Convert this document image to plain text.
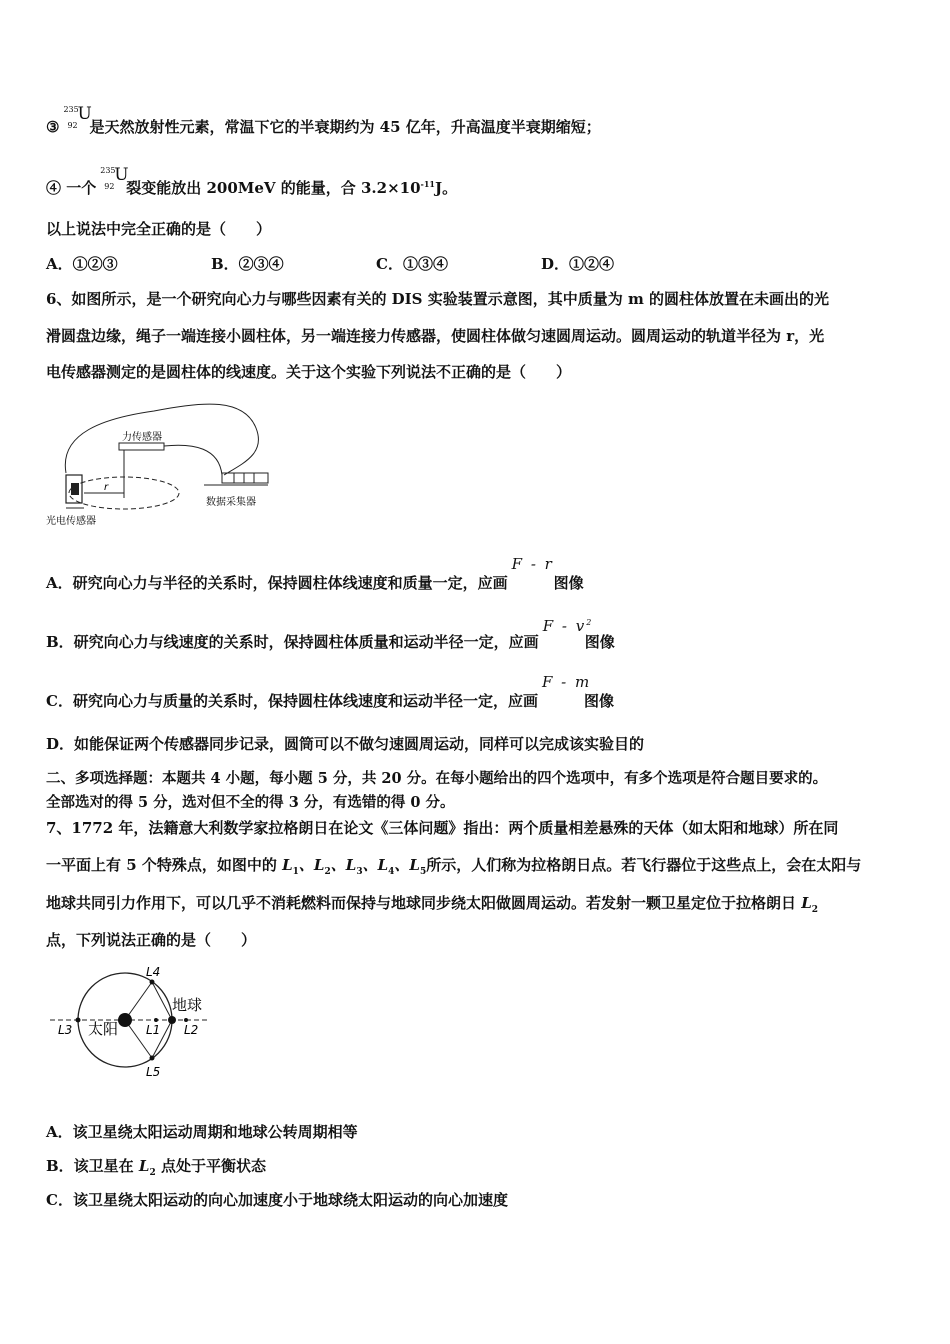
③
235
92
U
是天然放射性元素，常温下它的半衰期约为 45 亿年，升高温度半衰期缩短；
④ 一个
235
92
U
裂变能放出 200MeV 的能量，合 $3.2\times 10^{-11}J$。
以上说法中完全正确的是（　　）
A．①②③	B．②③④	C．①③④	D．①②④
6、如图所示，是一个研究向心力与哪些因素有关的 DIS 实验装置示意图，其中质量为 m 的圆柱体放置在未画出的光
滑圆盘边缘，绳子一端连接小圆柱体，另一端连接力传感器，使圆柱体做匀速圆周运动。圆周运动的轨道半径为 r，光
电传感器测定的是圆柱体的线速度。关于这个实验下列说法不正确的是（　　）
力传感器
数据采集器
r
光电传感器
A．研究向心力与半径的关系时，保持圆柱体线速度和质量一定，应画
F - r
图像
B．研究向心力与线速度的关系时，保持圆柱体质量和运动半径一定，应画
F - $v^2$
图像
C．研究向心力与质量的关系时，保持圆柱体线速度和运动半径一定，应画
F - m
图像
D．如能保证两个传感器同步记录，圆筒可以不做匀速圆周运动，同样可以完成该实验目的
二、多项选择题：本题共 4 小题，每小题 5 分，共 20 分。在每小题给出的四个选项中，有多个选项是符合题目要求的。
全部选对的得 5 分，选对但不全的得 3 分，有选错的得 0 分。
7、1772 年，法籍意大利数学家拉格朗日在论文《三体问题》指出：两个质量相差悬殊的天体（如太阳和地球）所在同
一平面上有 5 个特殊点，如图中的 $L_1$、$L_2$、$L_3$、$L_4$、$L_5$所示，人们称为拉格朗日点。若飞行器位于这些点上，会在太阳与
地球共同引力作用下，可以几乎不消耗燃料而保持与地球同步绕太阳做圆周运动。若发射一颗卫星定位于拉格朗日 $L_2$
点，下列说法正确的是（　　）
太阳
地球
L4
L5
L3	L1 L2
A．该卫星绕太阳运动周期和地球公转周期相等
B．该卫星在 $L_2$ 点处于平衡状态
C．该卫星绕太阳运动的向心加速度小于地球绕太阳运动的向心加速度
